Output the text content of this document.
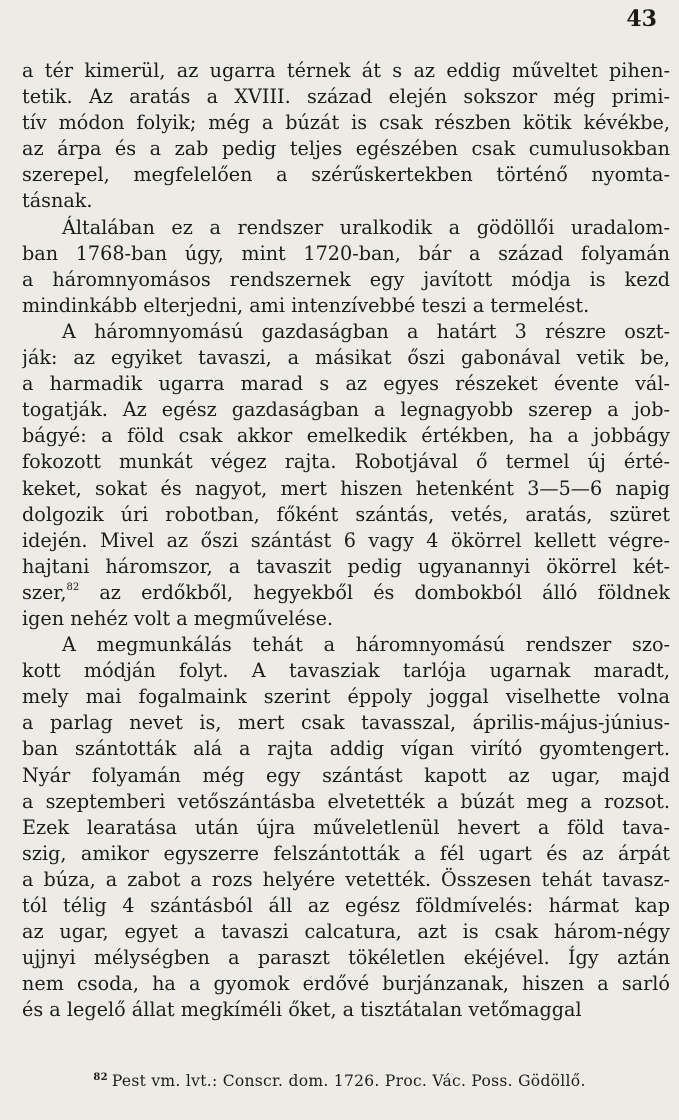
43
a tér kimerül, az ugarra térnek át s az eddig műveltet pihen-
tetik. Az aratás a XVIII. század elején sokszor még primi-
tív módon folyik; még a búzát is csak részben kötik kévékbe,
az árpa és a zab pedig teljes egészében csak cumulusokban
szerepel, megfelelően a szérűskertekben történő nyomta-
tásnak.
Általában ez a rendszer uralkodik a gödöllői uradalom-
ban 1768-ban úgy, mint 1720-ban, bár a század folyamán
a háromnyomásos rendszernek egy javított módja is kezd
mindinkább elterjedni, ami intenzívebbé teszi a termelést.
A háromnyomású gazdaságban a határt 3 részre oszt-
ják: az egyiket tavaszi, a másikat őszi gabonával vetik be,
a harmadik ugarra marad s az egyes részeket évente vál-
togatják. Az egész gazdaságban a legnagyobb szerep a job-
bágyé: a föld csak akkor emelkedik értékben, ha a jobbágy
fokozott munkát végez rajta. Robotjával ő termel új érté-
keket, sokat és nagyot, mert hiszen hetenként 3—5—6 napig
dolgozik úri robotban, főként szántás, vetés, aratás, szüret
idején. Mivel az őszi szántást 6 vagy 4 ökörrel kellett végre-
hajtani háromszor, a tavaszit pedig ugyanannyi ökörrel két-
szer,$^{82}$ az erdőkből, hegyekből és dombokból álló földnek
igen nehéz volt a megművelése.
A megmunkálás tehát a háromnyomású rendszer szo-
kott módján folyt. A tavasziak tarlója ugarnak maradt,
mely mai fogalmaink szerint éppoly joggal viselhette volna
a parlag nevet is, mert csak tavasszal, április-május-június-
ban szántották alá a rajta addig vígan virító gyomtengert.
Nyár folyamán még egy szántást kapott az ugar, majd
a szeptemberi vetőszántásba elvetették a búzát meg a rozsot.
Ezek learatása után újra műveletlenül hevert a föld tava-
szig, amikor egyszerre felszántották a fél ugart és az árpát
a búza, a zabot a rozs helyére vetették. Összesen tehát tavasz-
tól télig 4 szántásból áll az egész földmívelés: hármat kap
az ugar, egyet a tavaszi calcatura, azt is csak három-négy
ujjnyi mélységben a paraszt tökéletlen ekéjével. Így aztán
nem csoda, ha a gyomok erdővé burjánzanak, hiszen a sarló
és a legelő állat megkíméli őket, a tisztátalan vetőmaggal
$^{82}$ Pest vm. lvt.: Conscr. dom. 1726. Proc. Vác. Poss. Gödöllő.
